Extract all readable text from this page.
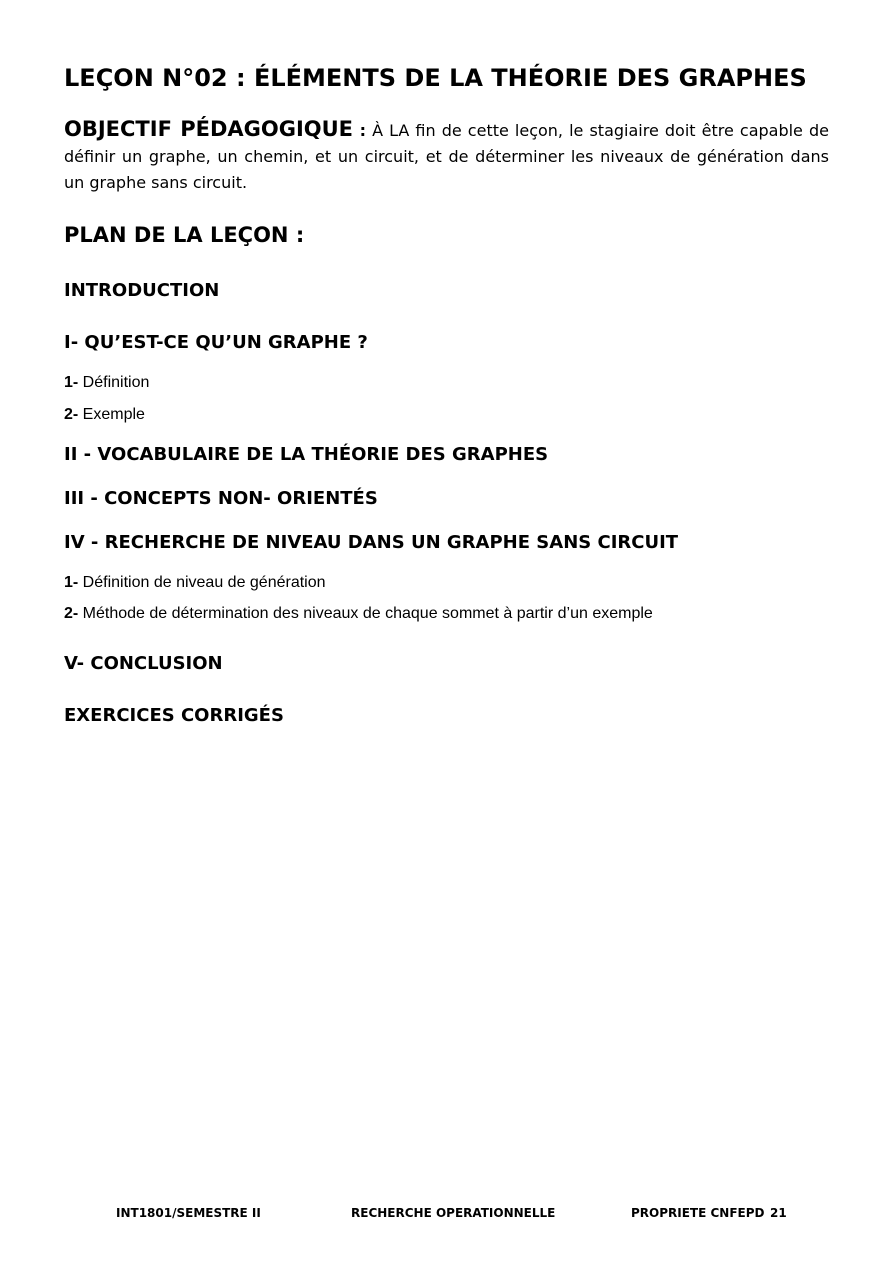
LEÇON N°02 : ÉLÉMENTS DE LA THÉORIE DES GRAPHES

OBJECTIF PÉDAGOGIQUE : À LA fin de cette leçon, le stagiaire doit être capable de définir un graphe, un chemin, et un circuit, et de déterminer les niveaux de génération dans un graphe sans circuit.

PLAN DE LA LEÇON :
INTRODUCTION
I- QU’EST-CE QU’UN GRAPHE ?

1- Définition

2- Exemple

II - VOCABULAIRE DE LA THÉORIE DES GRAPHES
III - CONCEPTS NON- ORIENTÉS
IV - RECHERCHE DE NIVEAU DANS UN GRAPHE SANS CIRCUIT

1- Définition de niveau de génération

2- Méthode de détermination des niveaux de chaque sommet à partir d’un exemple

V- CONCLUSION
EXERCICES CORRIGÉS
INT1801/SEMESTRE II	RECHERCHE OPERATIONNELLE	PROPRIETE CNFEPD 21
